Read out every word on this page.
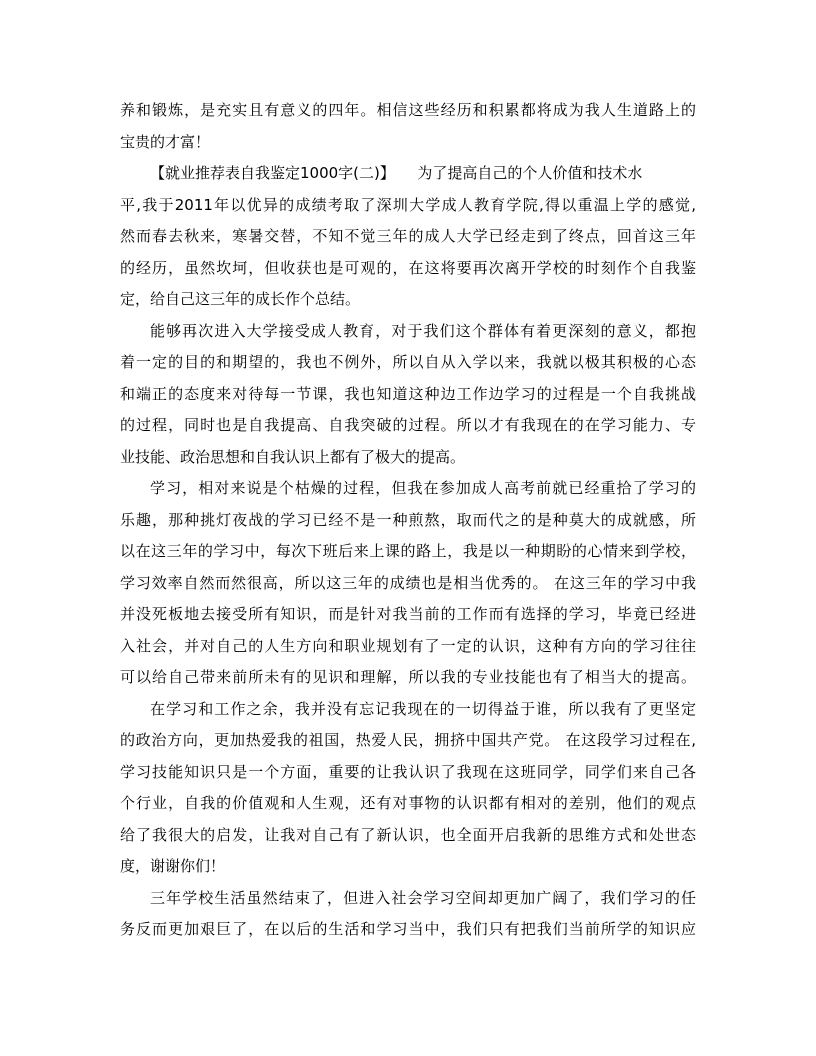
养和锻炼，是充实且有意义的四年。相信这些经历和积累都将成为我人生道路上的
宝贵的才富！
【就业推荐表自我鉴定1000字(二)】　　为了提高自己的个人价值和技术水
平,我于2011年以优异的成绩考取了深圳大学成人教育学院,得以重温上学的感觉,
然而春去秋来，寒暑交替，不知不觉三年的成人大学已经走到了终点，回首这三年
的经历，虽然坎坷，但收获也是可观的，在这将要再次离开学校的时刻作个自我鉴
定，给自己这三年的成长作个总结。
能够再次进入大学接受成人教育，对于我们这个群体有着更深刻的意义，都抱
着一定的目的和期望的，我也不例外，所以自从入学以来，我就以极其积极的心态
和端正的态度来对待每一节课，我也知道这种边工作边学习的过程是一个自我挑战
的过程，同时也是自我提高、自我突破的过程。所以才有我现在的在学习能力、专
业技能、政治思想和自我认识上都有了极大的提高。
学习，相对来说是个枯燥的过程，但我在参加成人高考前就已经重拾了学习的
乐趣，那种挑灯夜战的学习已经不是一种煎熬，取而代之的是种莫大的成就感，所
以在这三年的学习中，每次下班后来上课的路上，我是以一种期盼的心情来到学校，
学习效率自然而然很高，所以这三年的成绩也是相当优秀的。 在这三年的学习中我
并没死板地去接受所有知识，而是针对我当前的工作而有选择的学习，毕竟已经进
入社会，并对自己的人生方向和职业规划有了一定的认识，这种有方向的学习往往
可以给自己带来前所未有的见识和理解，所以我的专业技能也有了相当大的提高。
在学习和工作之余，我并没有忘记我现在的一切得益于谁，所以我有了更坚定
的政治方向，更加热爱我的祖国，热爱人民，拥挤中国共产党。 在这段学习过程在,
学习技能知识只是一个方面，重要的让我认识了我现在这班同学，同学们来自己各
个行业，自我的价值观和人生观，还有对事物的认识都有相对的差别，他们的观点
给了我很大的启发，让我对自己有了新认识，也全面开启我新的思维方式和处世态
度，谢谢你们！
三年学校生活虽然结束了，但进入社会学习空间却更加广阔了，我们学习的任
务反而更加艰巨了，在以后的生活和学习当中，我们只有把我们当前所学的知识应
